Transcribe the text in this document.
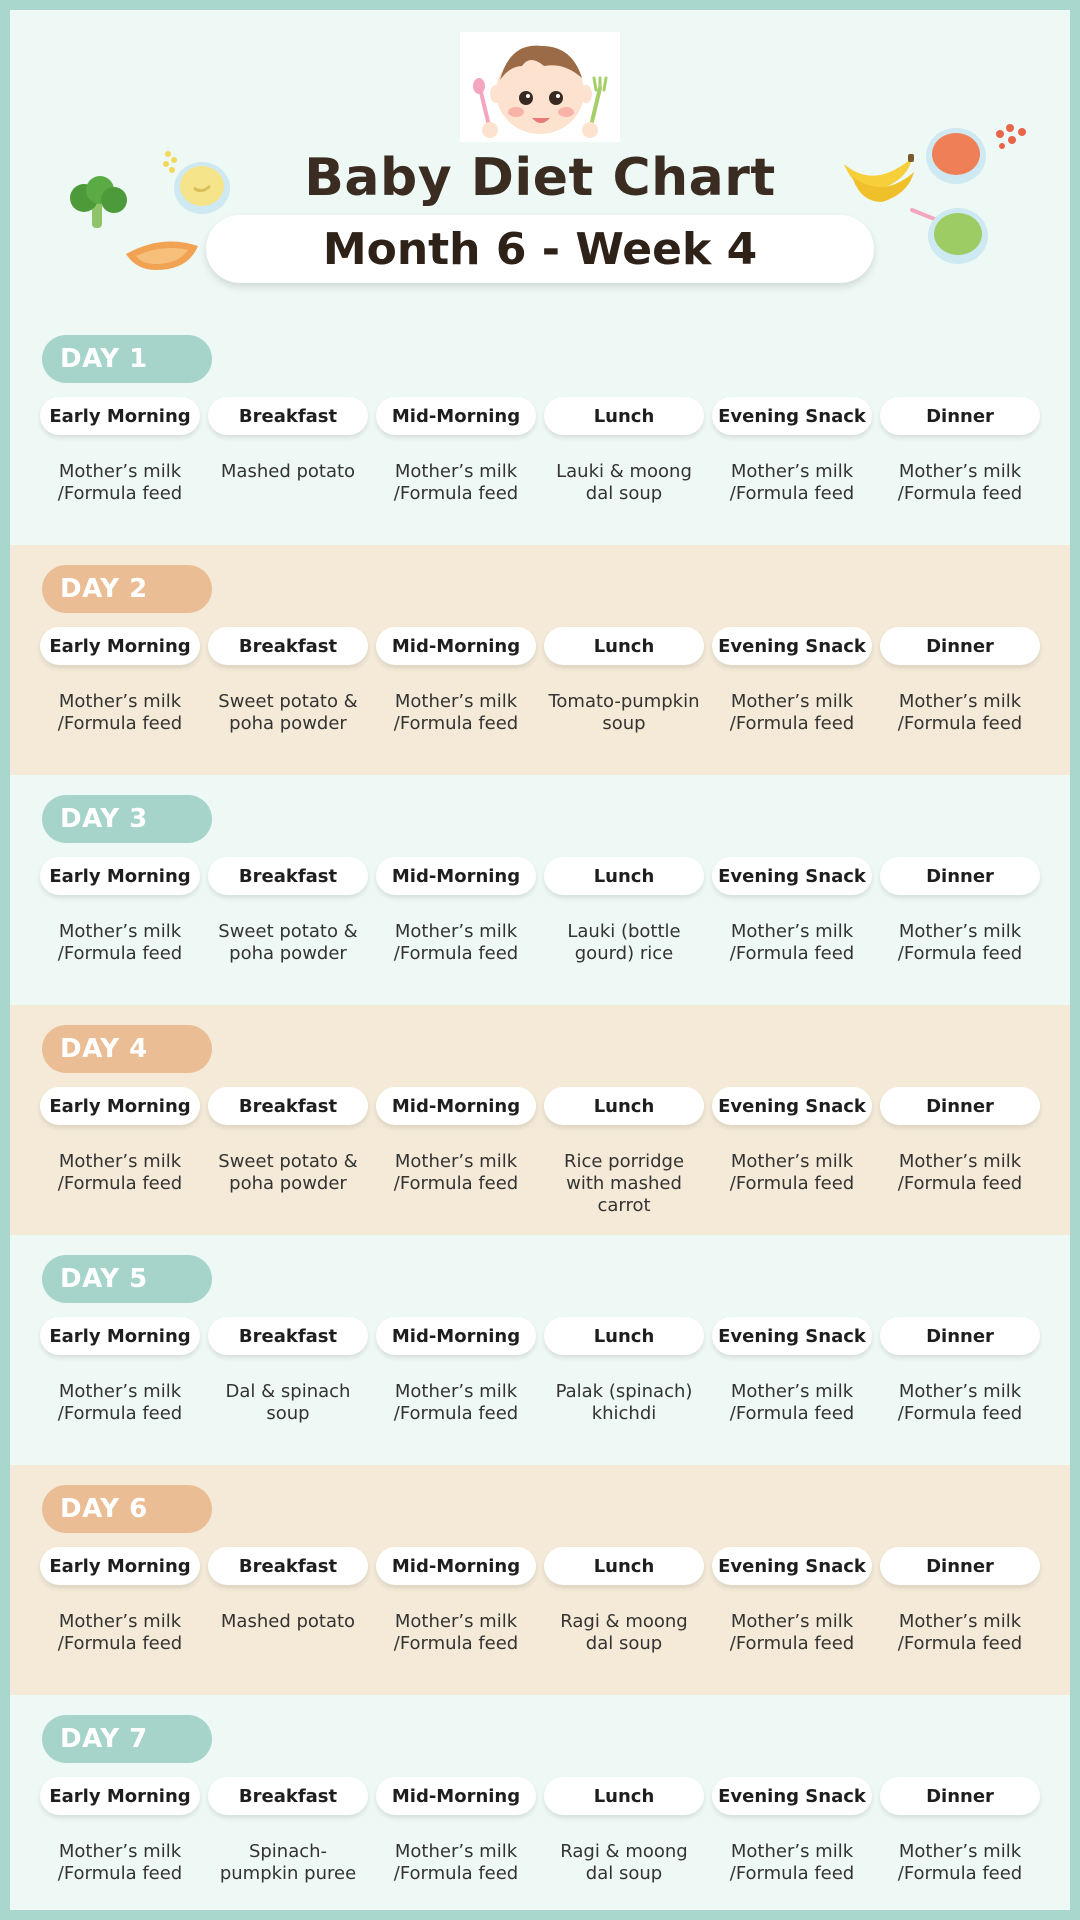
Baby Diet Chart
Month 6 - Week 4
DAY 1
Early Morning
Mother’s milk /Formula feed
Breakfast
Mashed potato
Mid-Morning
Mother’s milk /Formula feed
Lunch
Lauki & moong dal soup
Evening Snack
Mother’s milk /Formula feed
Dinner
Mother’s milk /Formula feed
DAY 2
Early Morning
Mother’s milk /Formula feed
Breakfast
Sweet potato & poha powder
Mid-Morning
Mother’s milk /Formula feed
Lunch
Tomato-pumpkin soup
Evening Snack
Mother’s milk /Formula feed
Dinner
Mother’s milk /Formula feed
DAY 3
Early Morning
Mother’s milk /Formula feed
Breakfast
Sweet potato & poha powder
Mid-Morning
Mother’s milk /Formula feed
Lunch
Lauki (bottle gourd) rice
Evening Snack
Mother’s milk /Formula feed
Dinner
Mother’s milk /Formula feed
DAY 4
Early Morning
Mother’s milk /Formula feed
Breakfast
Sweet potato & poha powder
Mid-Morning
Mother’s milk /Formula feed
Lunch
Rice porridge with mashed carrot
Evening Snack
Mother’s milk /Formula feed
Dinner
Mother’s milk /Formula feed
DAY 5
Early Morning
Mother’s milk /Formula feed
Breakfast
Dal & spinach soup
Mid-Morning
Mother’s milk /Formula feed
Lunch
Palak (spinach) khichdi
Evening Snack
Mother’s milk /Formula feed
Dinner
Mother’s milk /Formula feed
DAY 6
Early Morning
Mother’s milk /Formula feed
Breakfast
Mashed potato
Mid-Morning
Mother’s milk /Formula feed
Lunch
Ragi & moong dal soup
Evening Snack
Mother’s milk /Formula feed
Dinner
Mother’s milk /Formula feed
DAY 7
Early Morning
Mother’s milk /Formula feed
Breakfast
Spinach-pumpkin puree
Mid-Morning
Mother’s milk /Formula feed
Lunch
Ragi & moong dal soup
Evening Snack
Mother’s milk /Formula feed
Dinner
Mother’s milk /Formula feed
